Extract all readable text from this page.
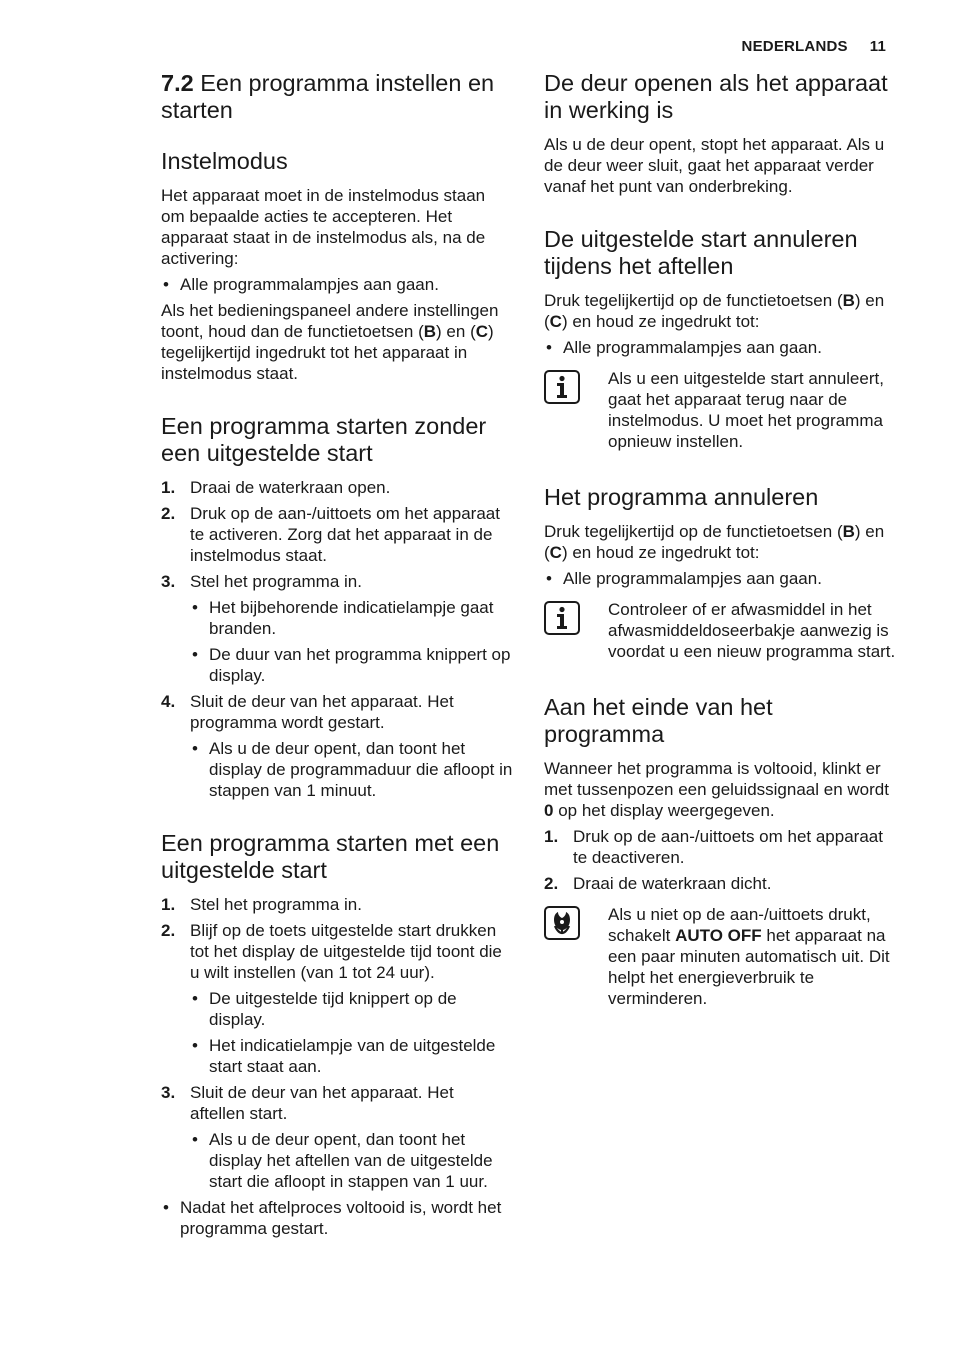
NEDERLANDS 11
7.2 Een programma instellen en starten
Instelmodus

Het apparaat moet in de instelmodus staan om bepaalde acties te accepteren. Het apparaat staat in de instelmodus als, na de activering:

• Alle programmalampjes aan gaan.

Als het bedieningspaneel andere instellingen toont, houd dan de functietoetsen (B) en (C) tegelijkertijd ingedrukt tot het apparaat in instelmodus staat.

Een programma starten zonder een uitgestelde start
1. Draai de waterkraan open.
2. Druk op de aan-/uittoets om het apparaat te activeren. Zorg dat het apparaat in de instelmodus staat.
3. Stel het programma in.
• Het bijbehorende indicatielampje gaat branden.
• De duur van het programma knippert op display.
4. Sluit de deur van het apparaat. Het programma wordt gestart.
• Als u de deur opent, dan toont het display de programmaduur die afloopt in stappen van 1 minuut.
Een programma starten met een uitgestelde start
1. Stel het programma in.
2. Blijf op de toets uitgestelde start drukken tot het display de uitgestelde tijd toont die u wilt instellen (van 1 tot 24 uur).
• De uitgestelde tijd knippert op de display.
• Het indicatielampje van de uitgestelde start staat aan.
3. Sluit de deur van het apparaat. Het aftellen start.
• Als u de deur opent, dan toont het display het aftellen van de uitgestelde start die afloopt in stappen van 1 uur.
• Nadat het aftelproces voltooid is, wordt het programma gestart.
De deur openen als het apparaat in werking is

Als u de deur opent, stopt het apparaat. Als u de deur weer sluit, gaat het apparaat verder vanaf het punt van onderbreking.

De uitgestelde start annuleren tijdens het aftellen

Druk tegelijkertijd op de functietoetsen (B) en (C) en houd ze ingedrukt tot:

• Alle programmalampjes aan gaan.

Als u een uitgestelde start annuleert, gaat het apparaat terug naar de instelmodus. U moet het programma opnieuw instellen.

Het programma annuleren

Druk tegelijkertijd op de functietoetsen (B) en (C) en houd ze ingedrukt tot:

• Alle programmalampjes aan gaan.

Controleer of er afwasmiddel in het afwasmiddeldoseerbakje aanwezig is voordat u een nieuw programma start.

Aan het einde van het programma

Wanneer het programma is voltooid, klinkt er met tussenpozen een geluidssignaal en wordt 0 op het display weergegeven.

1. Druk op de aan-/uittoets om het apparaat te deactiveren.
2. Draai de waterkraan dicht.

Als u niet op de aan-/uittoets drukt, schakelt AUTO OFF het apparaat na een paar minuten automatisch uit. Dit helpt het energieverbruik te verminderen.
